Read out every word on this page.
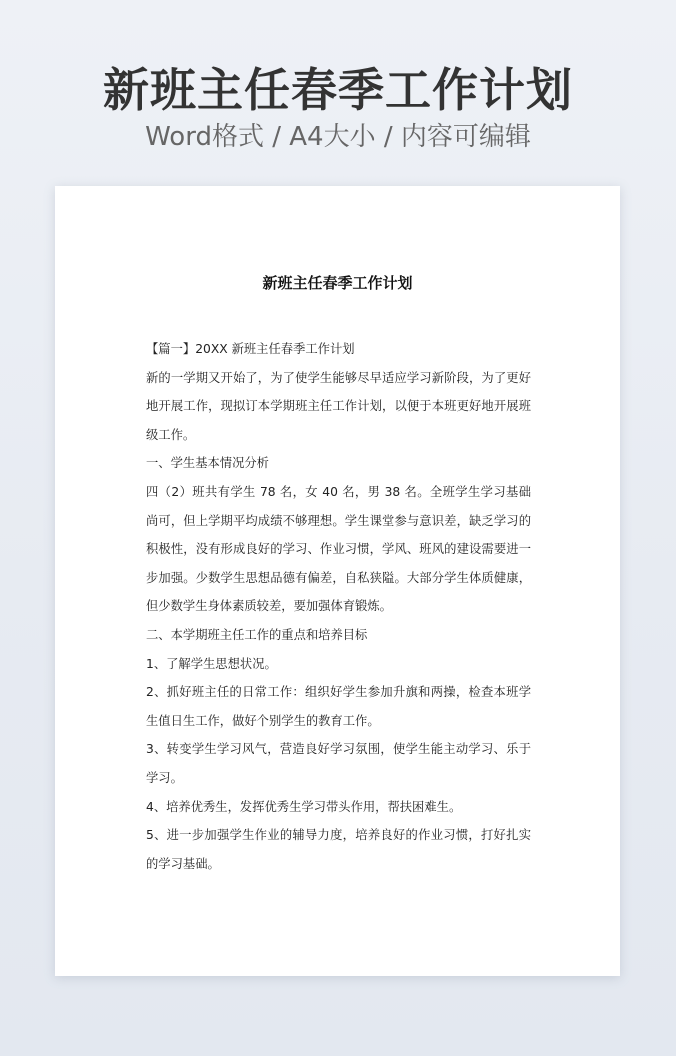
新班主任春季工作计划
Word格式 / A4大小 / 内容可编辑
新班主任春季工作计划

【篇一】20XX 新班主任春季工作计划

新的一学期又开始了，为了使学生能够尽早适应学习新阶段，为了更好地开展工作，现拟订本学期班主任工作计划，以便于本班更好地开展班级工作。

一、学生基本情况分析

四（2）班共有学生 78 名，女 40 名，男 38 名。全班学生学习基础尚可，但上学期平均成绩不够理想。学生课堂参与意识差，缺乏学习的积极性，没有形成良好的学习、作业习惯，学风、班风的建设需要进一步加强。少数学生思想品德有偏差，自私狭隘。大部分学生体质健康，但少数学生身体素质较差，要加强体育锻炼。

二、本学期班主任工作的重点和培养目标

1、了解学生思想状况。

2、抓好班主任的日常工作：组织好学生参加升旗和两操，检查本班学生值日生工作，做好个别学生的教育工作。

3、转变学生学习风气，营造良好学习氛围，使学生能主动学习、乐于学习。

4、培养优秀生，发挥优秀生学习带头作用，帮扶困难生。

5、进一步加强学生作业的辅导力度，培养良好的作业习惯，打好扎实的学习基础。
